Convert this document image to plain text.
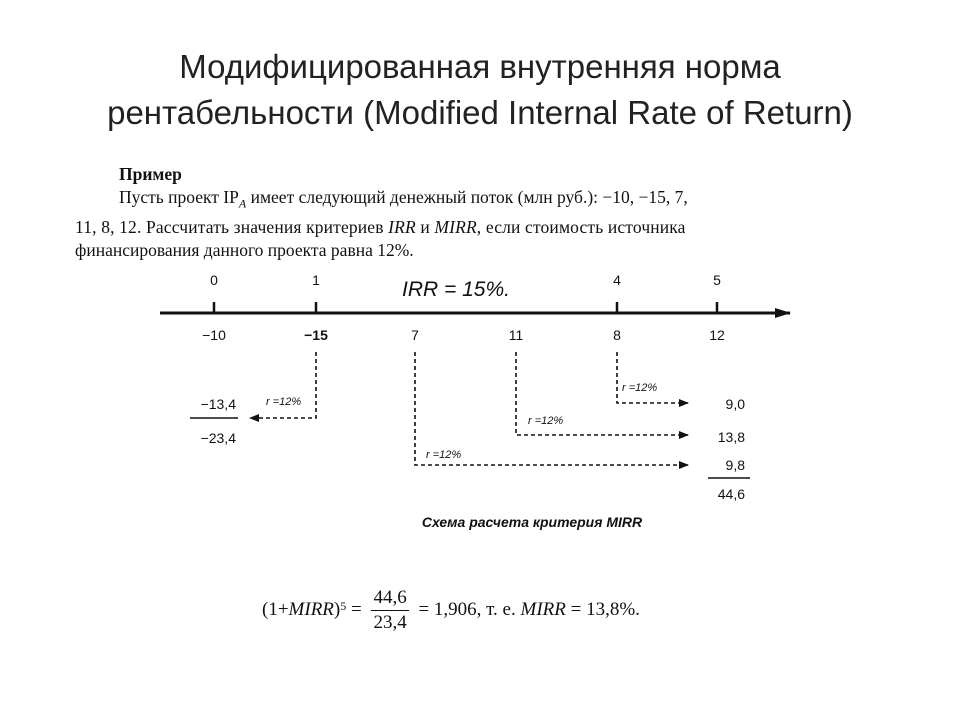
Модифицированная внутренняя норма
рентабельности (Modified Internal Rate of Return)
Пример
Пусть проект $IP_A$ имеет следующий денежный поток (млн руб.): −10, −15, 7,
11, 8, 12. Рассчитать значения критериев IRR и MIRR, если стоимость источника
финансирования данного проекта равна 12%.
0	1	4	5
IRR = 15%.
−10	−15	7	11	8	12
r =12%
r =12%
r =12%
r =12%
−13,4
−23,4
9,0
13,8
9,8
44,6
Схема расчета критерия MIRR
(1+ MIRR )$^5 = \frac{44,6}{23,4} = 1,906$, т. е. MIRR = 13,8%.
